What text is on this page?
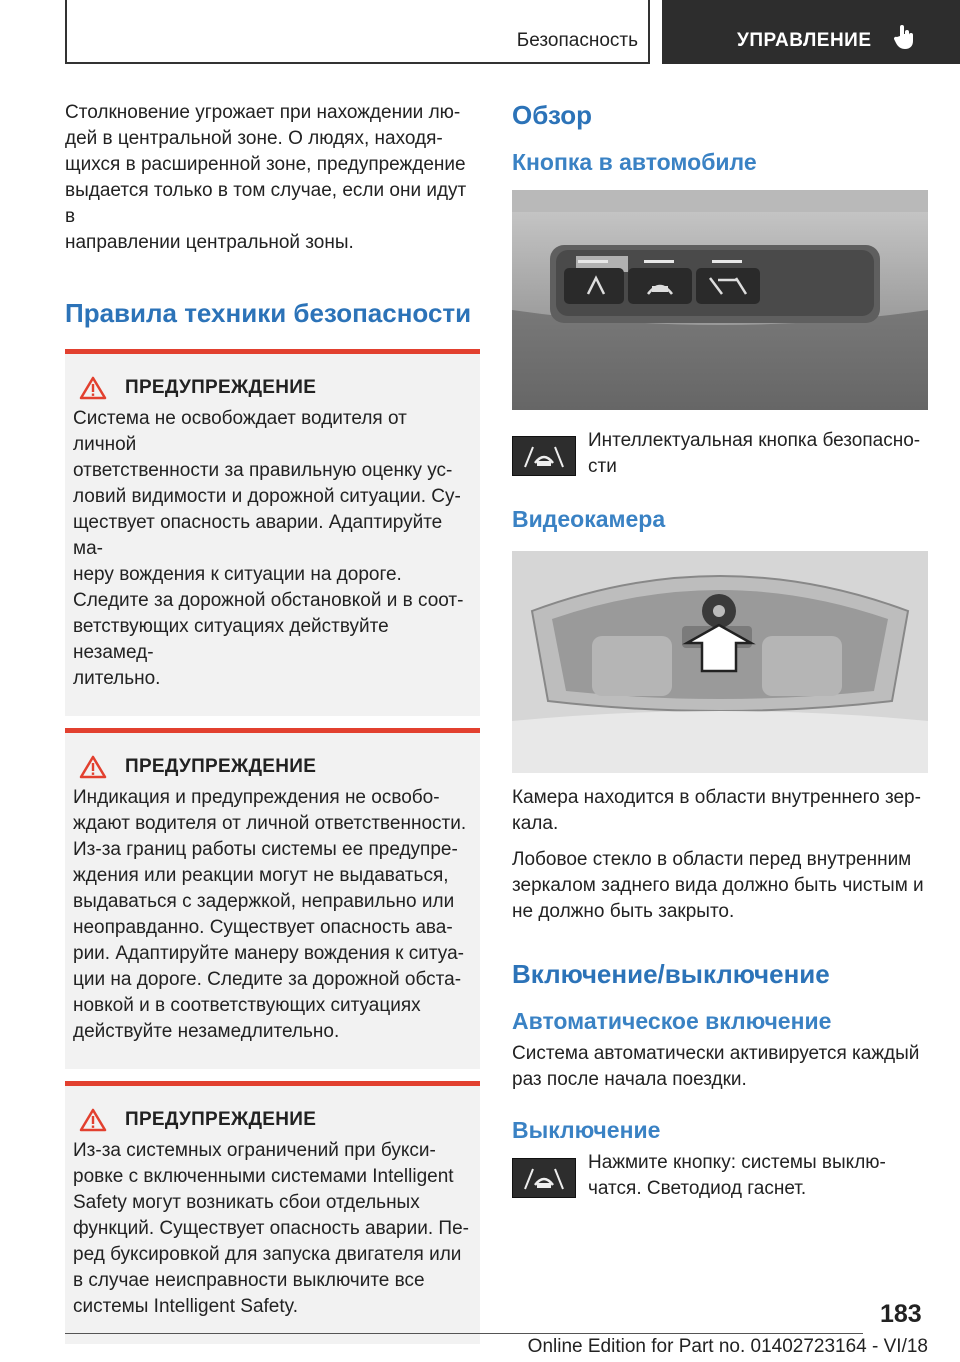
Безопасность	УПРАВЛЕНИЕ

Столкновение угрожает при нахождении лю-

дей в центральной зоне. О людях, находя-

щихся в расширенной зоне, предупреждение

выдается только в том случае, если они идут в

направлении центральной зоны.

Правила техники безопасности
ПРЕДУПРЕЖДЕНИЕ

Система не освобождает водителя от личной

ответственности за правильную оценку ус-

ловий видимости и дорожной ситуации. Су-

ществует опасность аварии. Адаптируйте ма-

неру вождения к ситуации на дороге.

Следите за дорожной обстановкой и в соот-

ветствующих ситуациях действуйте незамед-

лительно.

ПРЕДУПРЕЖДЕНИЕ

Индикация и предупреждения не освобо-

ждают водителя от личной ответственности.

Из-за границ работы системы ее предупре-

ждения или реакции могут не выдаваться,

выдаваться с задержкой, неправильно или

неоправданно. Существует опасность ава-

рии. Адаптируйте манеру вождения к ситуа-

ции на дороге. Следите за дорожной обста-

новкой и в соответствующих ситуациях

действуйте незамедлительно.

ПРЕДУПРЕЖДЕНИЕ

Из-за системных ограничений при букси-

ровке с включенными системами Intelligent

Safety могут возникать сбои отдельных

функций. Существует опасность аварии. Пе-

ред буксировкой для запуска двигателя или

в случае неисправности выключите все

системы Intelligent Safety.

Обзор
Кнопка в автомобиле

Интеллектуальная кнопка безопасно-

сти

Видеокамера

Камера находится в области внутреннего зер-

кала.

Лобовое стекло в области перед внутренним

зеркалом заднего вида должно быть чистым и

не должно быть закрыто.

Включение/выключение
Автоматическое включение

Система автоматически активируется каждый

раз после начала поездки.

Выключение

Нажмите кнопку: системы выклю-

чатся. Светодиод гаснет.

183
Online Edition for Part no. 01402723164 - VI/18
